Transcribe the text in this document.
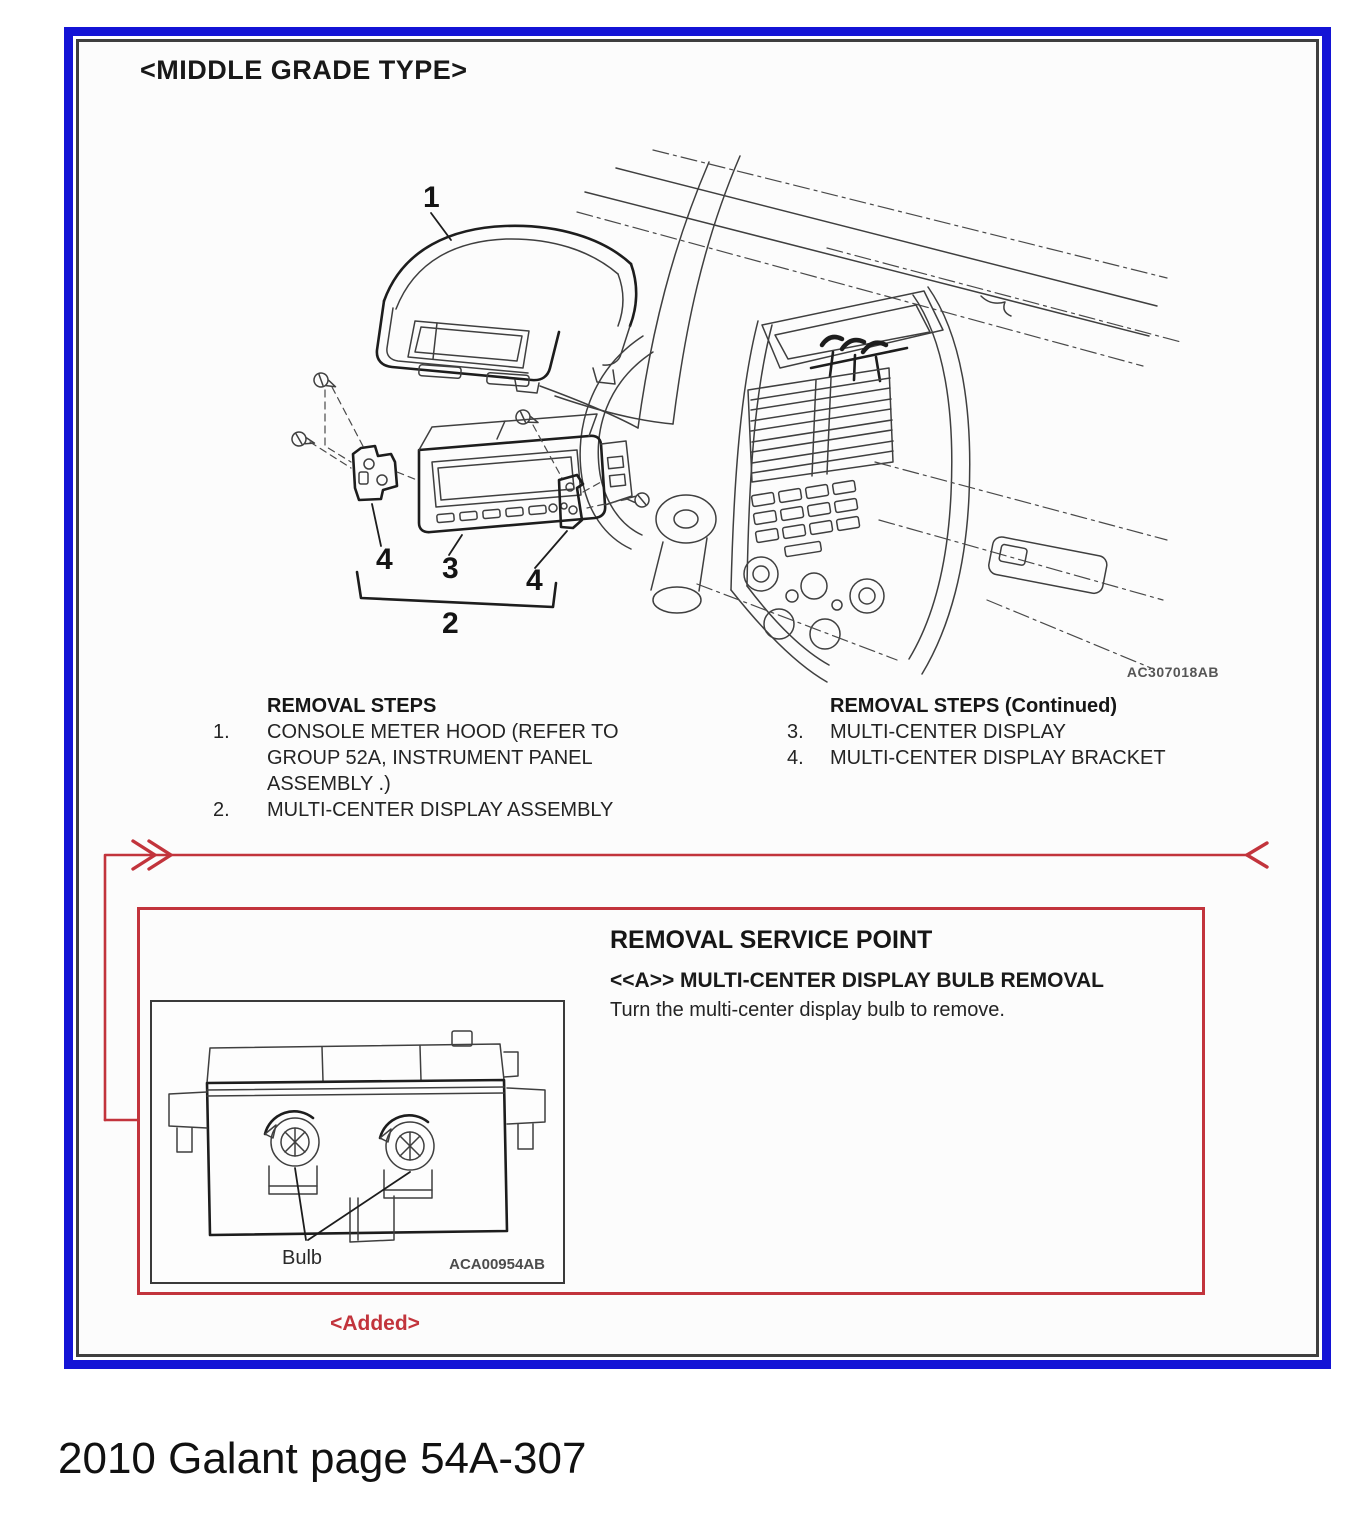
<MIDDLE GRADE TYPE>
1
4 3 4
2
AC307018AB
REMOVAL STEPS
1.	CONSOLE METER HOOD (REFER TO
GROUP 52A, INSTRUMENT PANEL
ASSEMBLY .)
2.	MULTI-CENTER DISPLAY ASSEMBLY
REMOVAL STEPS (Continued)
3.	MULTI-CENTER DISPLAY
4.	MULTI-CENTER DISPLAY BRACKET
REMOVAL SERVICE POINT
<<A>> MULTI-CENTER DISPLAY BULB REMOVAL
Turn the multi-center display bulb to remove.
Bulb	ACA00954AB
<Added>
2010 Galant page 54A-307
